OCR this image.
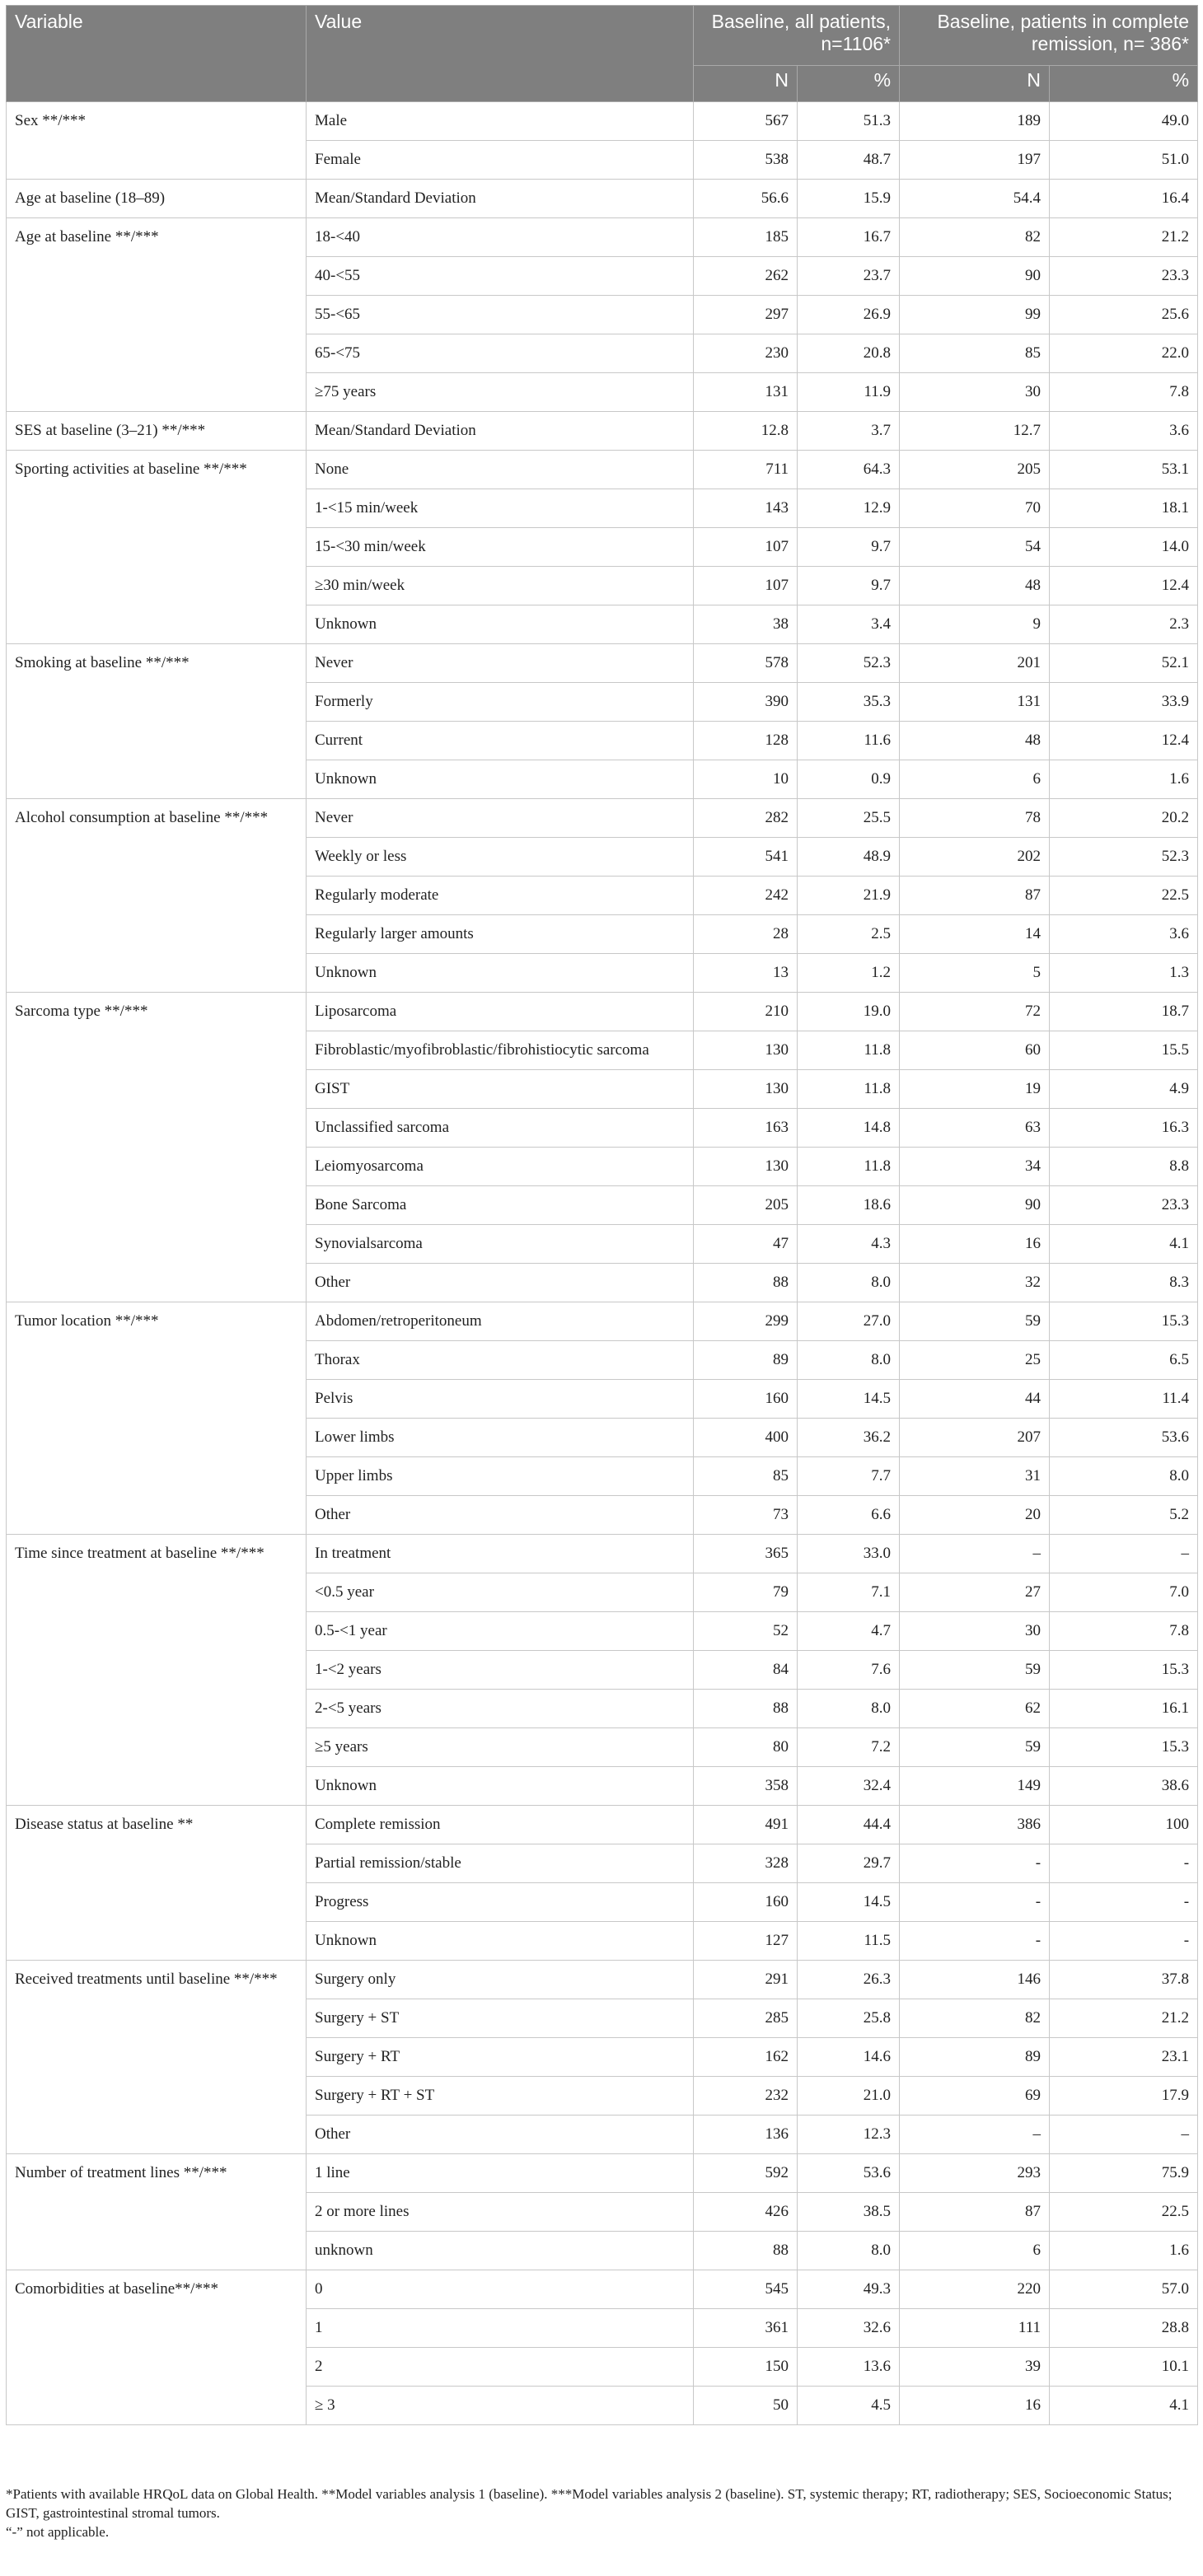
Variable	Value	Baseline, all patients, n=1106*		Baseline, patients in complete remission, n= 386*	
		N	%	N	%
Sex **/***	Male	567	51.3	189	49.0
	Female	538	48.7	197	51.0
Age at baseline (18–89)	Mean/Standard Deviation	56.6	15.9	54.4	16.4
Age at baseline **/***	18-<40	185	16.7	82	21.2
	40-<55	262	23.7	90	23.3
	55-<65	297	26.9	99	25.6
	65-<75	230	20.8	85	22.0
	≥75 years	131	11.9	30	7.8
SES at baseline (3–21) **/***	Mean/Standard Deviation	12.8	3.7	12.7	3.6
Sporting activities at baseline **/***	None	711	64.3	205	53.1
	1-<15 min/week	143	12.9	70	18.1
	15-<30 min/week	107	9.7	54	14.0
	≥30 min/week	107	9.7	48	12.4
	Unknown	38	3.4	9	2.3
Smoking at baseline **/***	Never	578	52.3	201	52.1
	Formerly	390	35.3	131	33.9
	Current	128	11.6	48	12.4
	Unknown	10	0.9	6	1.6
Alcohol consumption at baseline **/***	Never	282	25.5	78	20.2
	Weekly or less	541	48.9	202	52.3
	Regularly moderate	242	21.9	87	22.5
	Regularly larger amounts	28	2.5	14	3.6
	Unknown	13	1.2	5	1.3
Sarcoma type **/***	Liposarcoma	210	19.0	72	18.7
	Fibroblastic/myofibroblastic/fibrohistiocytic sarcoma	130	11.8	60	15.5
	GIST	130	11.8	19	4.9
	Unclassified sarcoma	163	14.8	63	16.3
	Leiomyosarcoma	130	11.8	34	8.8
	Bone Sarcoma	205	18.6	90	23.3
	Synovialsarcoma	47	4.3	16	4.1
	Other	88	8.0	32	8.3
Tumor location **/***	Abdomen/retroperitoneum	299	27.0	59	15.3
	Thorax	89	8.0	25	6.5
	Pelvis	160	14.5	44	11.4
	Lower limbs	400	36.2	207	53.6
	Upper limbs	85	7.7	31	8.0
	Other	73	6.6	20	5.2
Time since treatment at baseline **/***	In treatment	365	33.0	–	–
	<0.5 year	79	7.1	27	7.0
	0.5-<1 year	52	4.7	30	7.8
	1-<2 years	84	7.6	59	15.3
	2-<5 years	88	8.0	62	16.1
	≥5 years	80	7.2	59	15.3
	Unknown	358	32.4	149	38.6
Disease status at baseline **	Complete remission	491	44.4	386	100
	Partial remission/stable	328	29.7	-	-
	Progress	160	14.5	-	-
	Unknown	127	11.5	-	-
Received treatments until baseline **/***	Surgery only	291	26.3	146	37.8
	Surgery + ST	285	25.8	82	21.2
	Surgery + RT	162	14.6	89	23.1
	Surgery + RT + ST	232	21.0	69	17.9
	Other	136	12.3	–	–
Number of treatment lines **/***	1 line	592	53.6	293	75.9
	2 or more lines	426	38.5	87	22.5
	unknown	88	8.0	6	1.6
Comorbidities at baseline**/***	0	545	49.3	220	57.0
	1	361	32.6	111	28.8
	2	150	13.6	39	10.1
	≥ 3	50	4.5	16	4.1

*Patients with available HRQoL data on Global Health. **Model variables analysis 1 (baseline). ***Model variables analysis 2 (baseline). ST, systemic therapy; RT, radiotherapy; SES, Socioeconomic Status; GIST, gastrointestinal stromal tumors.

“-” not applicable.
